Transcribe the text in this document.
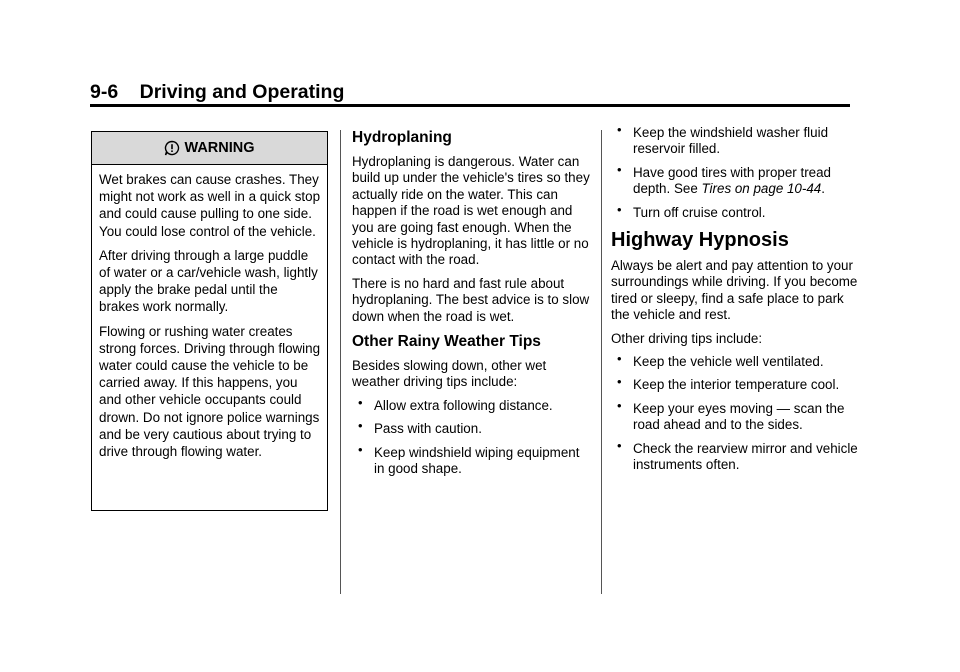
9-6 Driving and Operating
WARNING

Wet brakes can cause crashes. They might not work as well in a quick stop and could cause pulling to one side. You could lose control of the vehicle.

After driving through a large puddle of water or a car/vehicle wash, lightly apply the brake pedal until the brakes work normally.

Flowing or rushing water creates strong forces. Driving through flowing water could cause the vehicle to be carried away. If this happens, you and other vehicle occupants could drown. Do not ignore police warnings and be very cautious about trying to drive through flowing water.

Hydroplaning

Hydroplaning is dangerous. Water can build up under the vehicle's tires so they actually ride on the water. This can happen if the road is wet enough and you are going fast enough. When the vehicle is hydroplaning, it has little or no contact with the road.

There is no hard and fast rule about hydroplaning. The best advice is to slow down when the road is wet.

Other Rainy Weather Tips

Besides slowing down, other wet weather driving tips include:

• Allow extra following distance.
• Pass with caution.
• Keep windshield wiping equipment in good shape.
• Keep the windshield washer fluid reservoir filled.
• Have good tires with proper tread depth. See Tires on page 10-44.
• Turn off cruise control.
Highway Hypnosis

Always be alert and pay attention to your surroundings while driving. If you become tired or sleepy, find a safe place to park the vehicle and rest.

Other driving tips include:

• Keep the vehicle well ventilated.
• Keep the interior temperature cool.
• Keep your eyes moving — scan the road ahead and to the sides.
• Check the rearview mirror and vehicle instruments often.
